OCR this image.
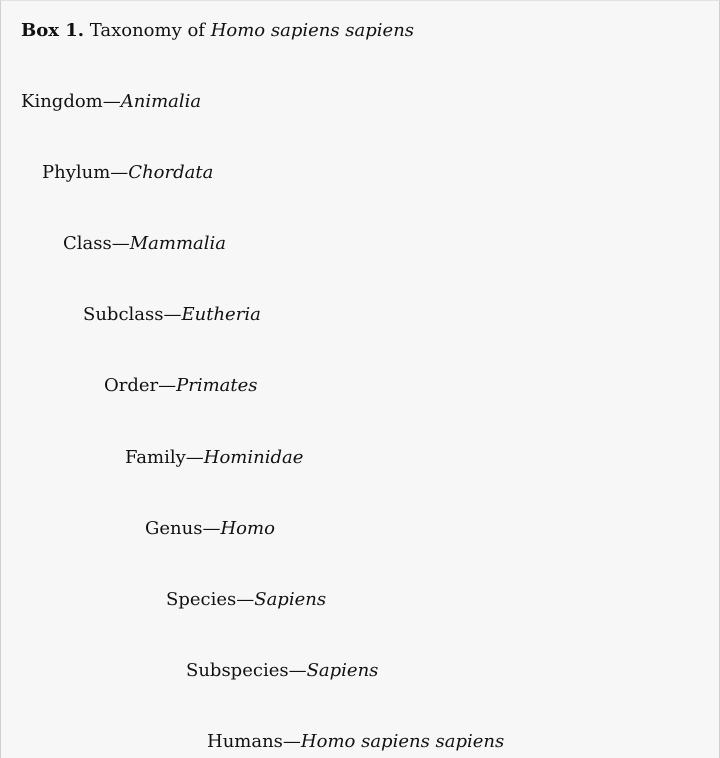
Box 1. Taxonomy of Homo sapiens sapiens
Kingdom—Animalia
Phylum—Chordata
Class—Mammalia
Subclass—Eutheria
Order—Primates
Family—Hominidae
Genus—Homo
Species—Sapiens
Subspecies—Sapiens
Humans—Homo sapiens sapiens
